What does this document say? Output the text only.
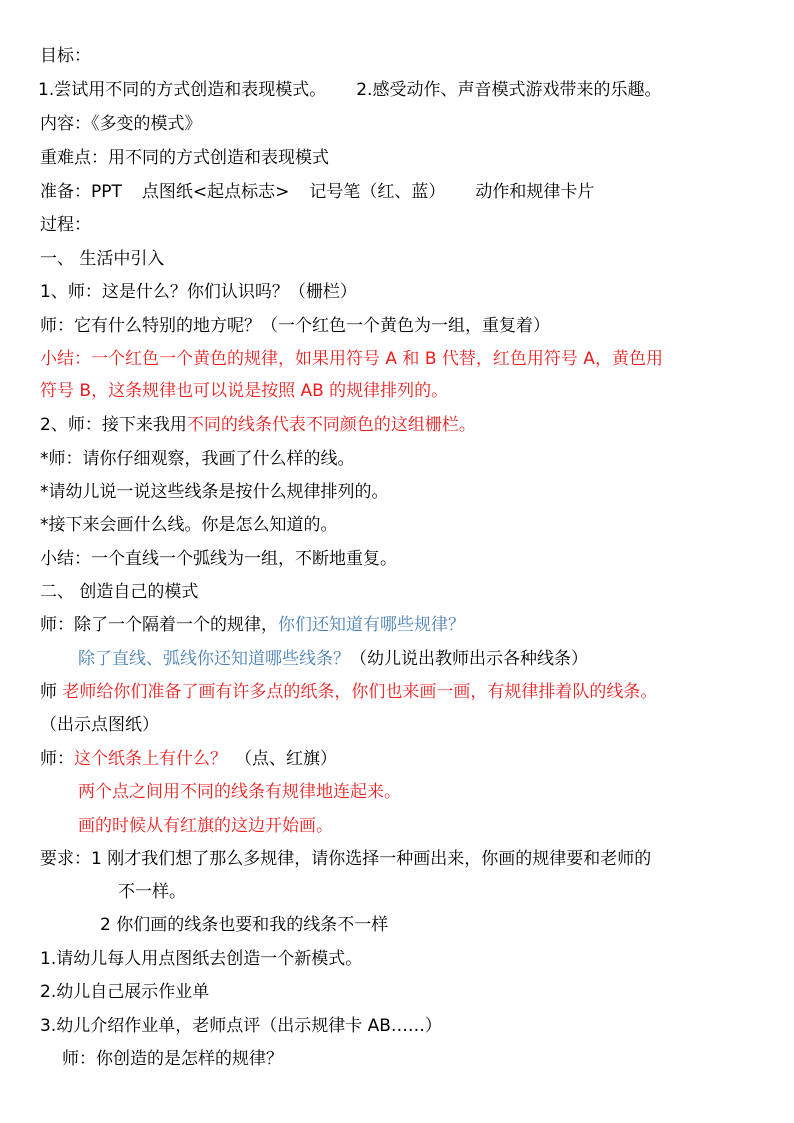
目标：
1.尝试用不同的方式创造和表现模式。 2.感受动作、声音模式游戏带来的乐趣。
内容：《多变的模式》
重难点：用不同的方式创造和表现模式
准备：PPT 点图纸<起点标志> 记号笔（红、蓝） 动作和规律卡片
过程：
一、 生活中引入
1、师：这是什么？你们认识吗？（栅栏）
师：它有什么特别的地方呢？（一个红色一个黄色为一组，重复着）
小结：一个红色一个黄色的规律，如果用符号 A 和 B 代替，红色用符号 A，黄色用
符号 B，这条规律也可以说是按照 AB 的规律排列的。
2、师：接下来我用不同的线条代表不同颜色的这组栅栏。
*师：请你仔细观察，我画了什么样的线。
*请幼儿说一说这些线条是按什么规律排列的。
*接下来会画什么线。你是怎么知道的。
小结：一个直线一个弧线为一组，不断地重复。
二、 创造自己的模式
师：除了一个隔着一个的规律，你们还知道有哪些规律？
除了直线、弧线你还知道哪些线条？（幼儿说出教师出示各种线条）
师 老师给你们准备了画有许多点的纸条，你们也来画一画，有规律排着队的线条。
（出示点图纸）
师：这个纸条上有什么？ （点、红旗）
两个点之间用不同的线条有规律地连起来。
画的时候从有红旗的这边开始画。
要求：1 刚才我们想了那么多规律，请你选择一种画出来，你画的规律要和老师的
不一样。
2 你们画的线条也要和我的线条不一样
1.请幼儿每人用点图纸去创造一个新模式。
2.幼儿自己展示作业单
3.幼儿介绍作业单，老师点评（出示规律卡 AB……）
师：你创造的是怎样的规律？
